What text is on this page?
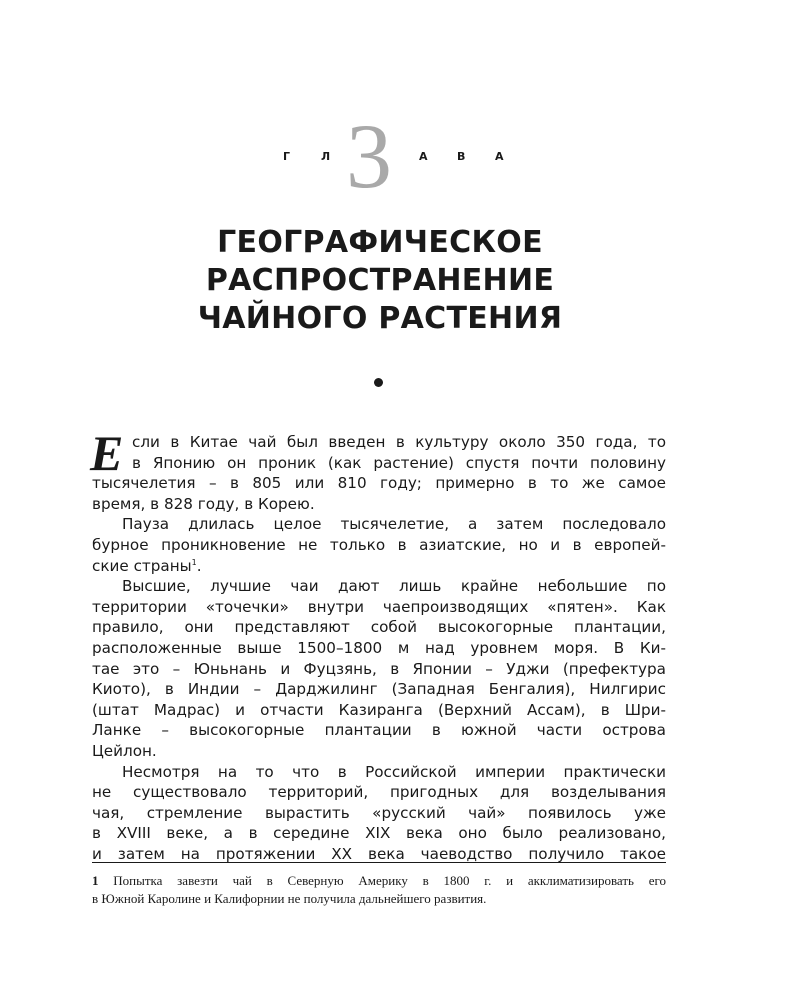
Г	Л 3 А	В	А
ГЕОГРАФИЧЕСКОЕ
РАСПРОСТРАНЕНИЕ
ЧАЙНОГО РАСТЕНИЯ
Е сли в Китае чай был введен в культуру около 350 года, то
в Японию он проник (как растение) спустя почти половину
тысячелетия – в 805 или 810 году; примерно в то же самое
время, в 828 году, в Корею.
Пауза длилась целое тысячелетие, а затем последовало
бурное проникновение не только в азиатские, но и в европей-
ские страны$^1$.
Высшие, лучшие чаи дают лишь крайне небольшие по
территории «точечки» внутри чаепроизводящих «пятен». Как
правило, они представляют собой высокогорные плантации,
расположенные выше 1500–1800 м над уровнем моря. В Ки-
тае это – Юньнань и Фуцзянь, в Японии – Уджи (префектура
Киото), в Индии – Дарджилинг (Западная Бенгалия), Нилгирис
(штат Мадрас) и отчасти Казиранга (Верхний Ассам), в Шри-
Ланке – высокогорные плантации в южной части острова
Цейлон.
Несмотря на то что в Российской империи практически
не существовало территорий, пригодных для возделывания
чая, стремление вырастить «русский чай» появилось уже
в XVIII веке, а в середине XIX века оно было реализовано,
и затем на протяжении XX века чаеводство получило такое
1 Попытка завезти чай в Северную Америку в 1800 г. и акклиматизировать его
в Южной Каролине и Калифорнии не получила дальнейшего развития.
